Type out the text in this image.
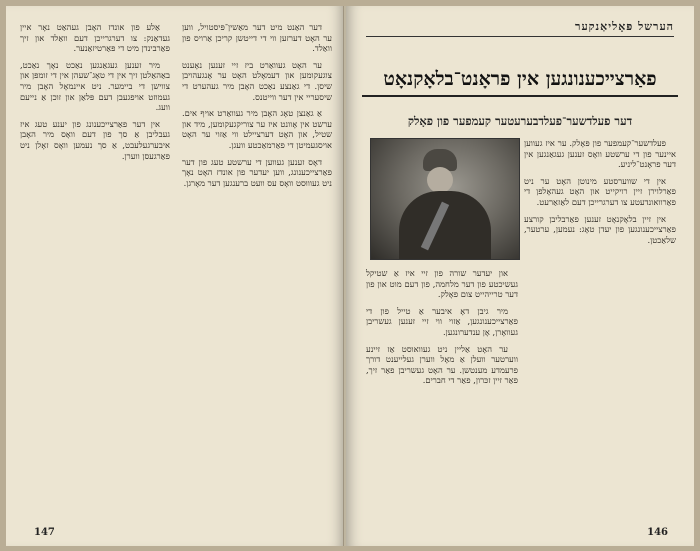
אַלע פון אונדז האָבן געהאַט נאָר איין געדאַנק: צו דערגרייכן דעם וואַלד און זיך פאַרבינדן מיט די פּאַרטיזאַנער.

מיר זענען געגאַנגען נאַכט נאָך נאַכט, באַהאַלטן זיך אין די טאָג־שעהן אין די זומפּן און צווישן די ביימער. ניט איינמאָל האָבן מיר געמוזט אויפגעבן דעם פּלאַן און זוכן אַ נייעם וועג.

אין דער פאַרצייכענונג פון יענע טעג איז געבליבן אַ סך פון דעם וואָס מיר האָבן איבערגעלעבט, אַ סך נעמען וואָס זאָלן ניט פאַרגעסן ווערן.

דער האַנט מיט דער מאַשין־פּיסטויל, ווען ער האָט דערזען ווי די דייטשן קריכן אַרויס פון וואַלד.

ער האָט געוואַרט ביז זיי זענען נאָענט צוגעקומען און דעמאָלט האָט ער אָנגעהויבן שיסן. די גאַנצע נאַכט האָבן מיר געהערט די שיסעריי אין דער ווייטנס.

אַ גאַנצן טאָג האָבן מיר געוואַרט אויף אים. ערשט אין אָוונט איז ער צוריקגעקומען, מיד און שטיל, און האָט דערציילט ווי אַזוי ער האָט אויסגעמיטן די פאַרמאַכטע וועגן.

דאָס זענען געווען די ערשטע טעג פון דער פאַרצייכענונג, ווען יעדער פון אונדז האָט נאָך ניט געוווּסט וואָס עס וועט ברענגען דער מאָרגן.

147
הערשל פּאָליאַנקער
פאַרצייכענונגען אין פראָנט־בלאָקנאָט
דער פעלדשער־פעלדבערעטער קעמפער פון פאָלק

פעלדשער־קעמפער פון פּאָלק. ער איז געווען איינער פון די ערשטע וואָס זענען געגאַנגען אין דער פראָנט־ליניע.

אין די שווערסטע מינוטן האָט ער ניט פאַרלוירן זיין רויקייט און האָט געהאָלפן די פאַרוואונדעטע צו דערגרייכן דעם לאַזאַרעט.

אין זיין בלאָקנאָט זענען פאַרבליבן קורצע פאַרצייכענונגען פון יעדן טאָג: נעמען, ערטער, שלאַכטן.

און יעדער שורה פון זיי איז אַ שטיקל געשיכטע פון דער מלחמה, פון דעם מוט און פון דער טרייהייט צום פאָלק.

מיר גיבן דאָ איבער אַ טייל פון די פאַרצייכענונגען, אַזוי ווי זיי זענען געשריבן געוואָרן, אָן ענדערונגען.

ער האָט אַליין ניט געוואוסט אַז זיינע ווערטער וועלן אַ מאָל ווערן געלייענט דורך פרעמדע מענטשן. ער האָט געשריבן פאַר זיך, פאַר זיין זכּרון, פאַר די חברים.

146
